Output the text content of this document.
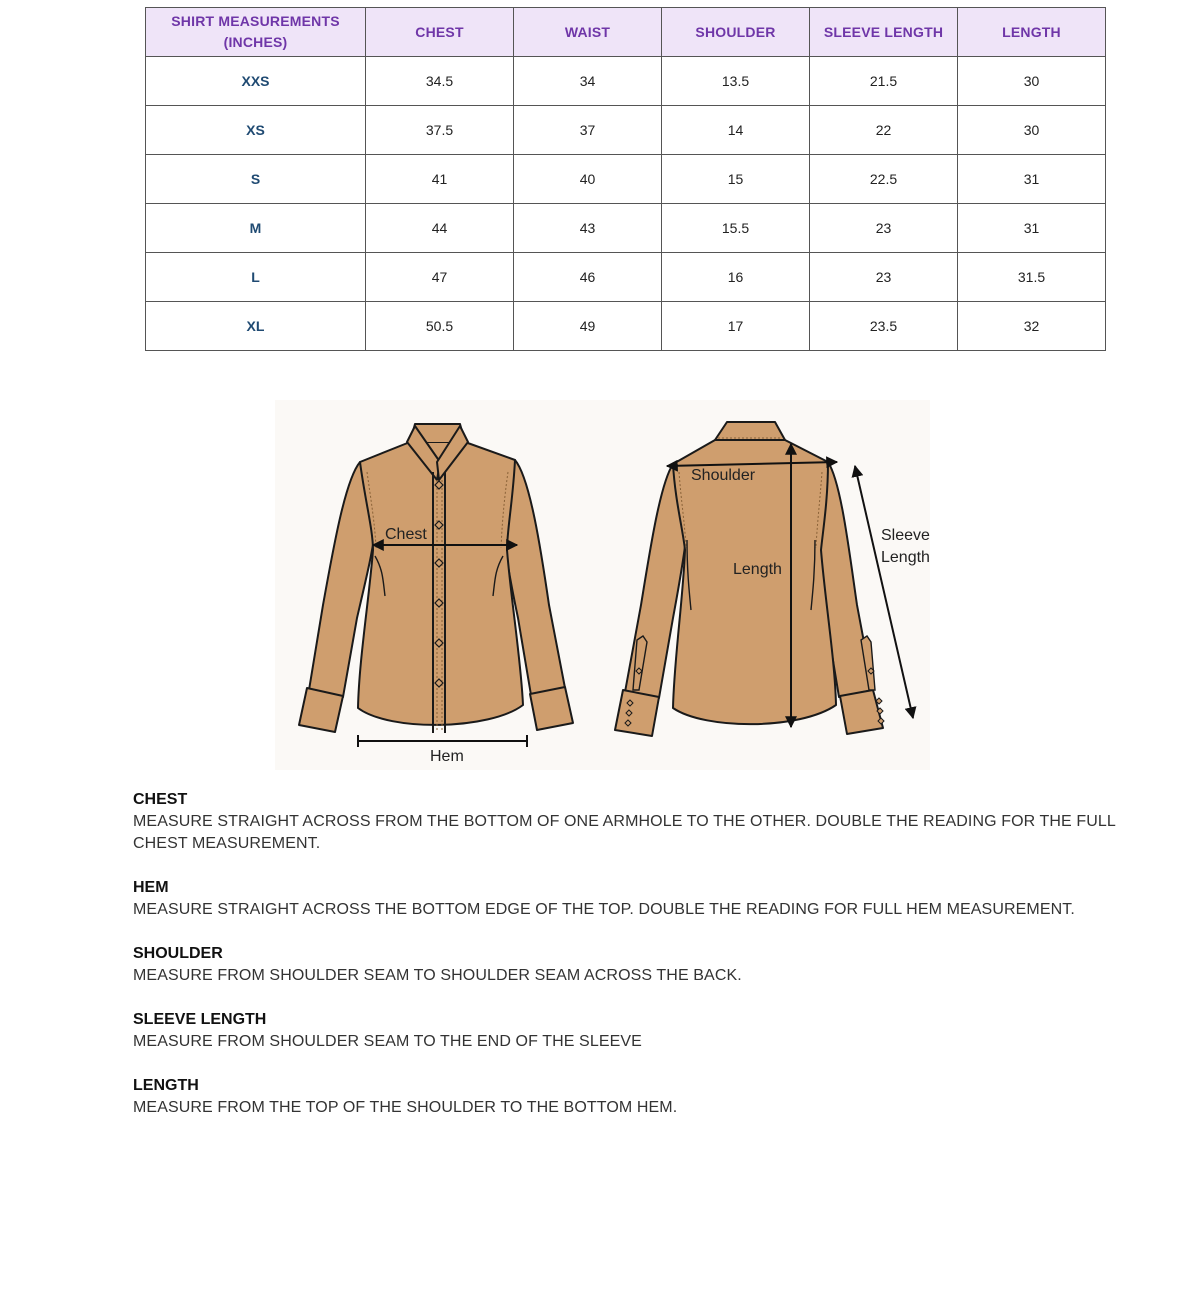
SHIRT MEASUREMENTS (INCHES)	CHEST	WAIST	SHOULDER	SLEEVE LENGTH	LENGTH
XXS	34.5	34	13.5	21.5	30
XS	37.5	37	14	22	30
S	41	40	15	22.5	31
M	44	43	15.5	23	31
L	47	46	16	23	31.5
XL	50.5	49	17	23.5	32
Chest
Hem
Shoulder
Length
Sleeve
Length
CHEST
MEASURE STRAIGHT ACROSS FROM THE BOTTOM OF ONE ARMHOLE TO THE OTHER. DOUBLE THE READING FOR THE FULL CHEST MEASUREMENT.
HEM
MEASURE STRAIGHT ACROSS THE BOTTOM EDGE OF THE TOP. DOUBLE THE READING FOR FULL HEM MEASUREMENT.
SHOULDER
MEASURE FROM SHOULDER SEAM TO SHOULDER SEAM ACROSS THE BACK.
SLEEVE LENGTH
MEASURE FROM SHOULDER SEAM TO THE END OF THE SLEEVE
LENGTH
MEASURE FROM THE TOP OF THE SHOULDER TO THE BOTTOM HEM.
